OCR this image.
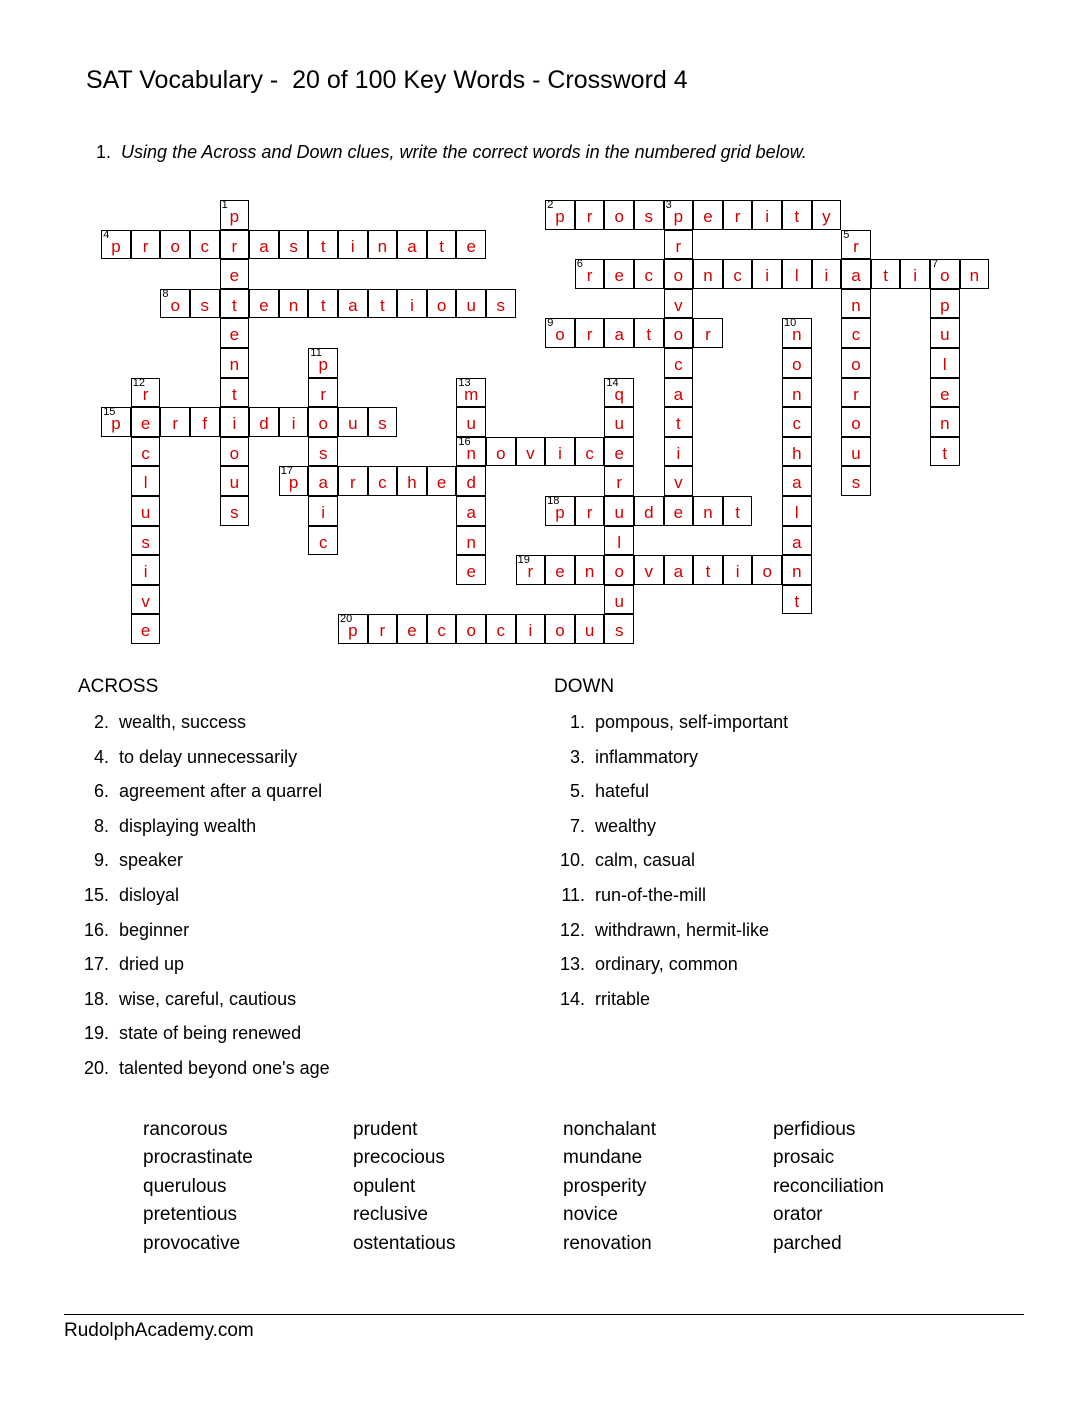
SAT Vocabulary -  20 of 100 Key Words - Crossword 4

1. Using the Across and Down clues, write the correct words in the numbered grid below.

1
p
r
e
t
e
n
t
i
o
u
s
2
p	r	o	s
3
p	e	r	i	t	y
r
o
v
o
c
a
t
i
v
e
4
p	r	o	c	a	s	t	i	n	a	t	e
5
r
a
n
c
o
r
o
u
s
6
r	e	c	n	c	i	l	i	t	i
7
o	n
p
u
l
e
n
t
8
o	s	e	n	t	a	t	i	o	u	s
9
o	r	a	t	r
10
n
o
n
c
h
a
l
a
n
t
11
p
r
o
s
a
i
c
12
r
e
c
l
u
s
i
v
e
13
m
u
16
n
d
a
n
e
14
q
u
e
r
u
l
o
u
s
15
p	r	f	d	i	u	s
o	v	i	c
17
p	r	c	h	e
18
p	r	d	n	t
19
r	e	n	v	a	t	i	o
20
p	r	e	c	o	c	i	o	u
ACROSS
2. wealth, success
4. to delay unnecessarily
6. agreement after a quarrel
8. displaying wealth
9. speaker
15. disloyal
16. beginner
17. dried up
18. wise, careful, cautious
19. state of being renewed
20. talented beyond one's age
DOWN
1. pompous, self-important
3. inflammatory
5. hateful
7. wealthy
10. calm, casual
11. run-of-the-mill
12. withdrawn, hermit-like
13. ordinary, common
14. rritable
rancorous
procrastinate
querulous
pretentious
provocative
prudent
precocious
opulent
reclusive
ostentatious
nonchalant
mundane
prosperity
novice
renovation
perfidious
prosaic
reconciliation
orator
parched
RudolphAcademy.com
